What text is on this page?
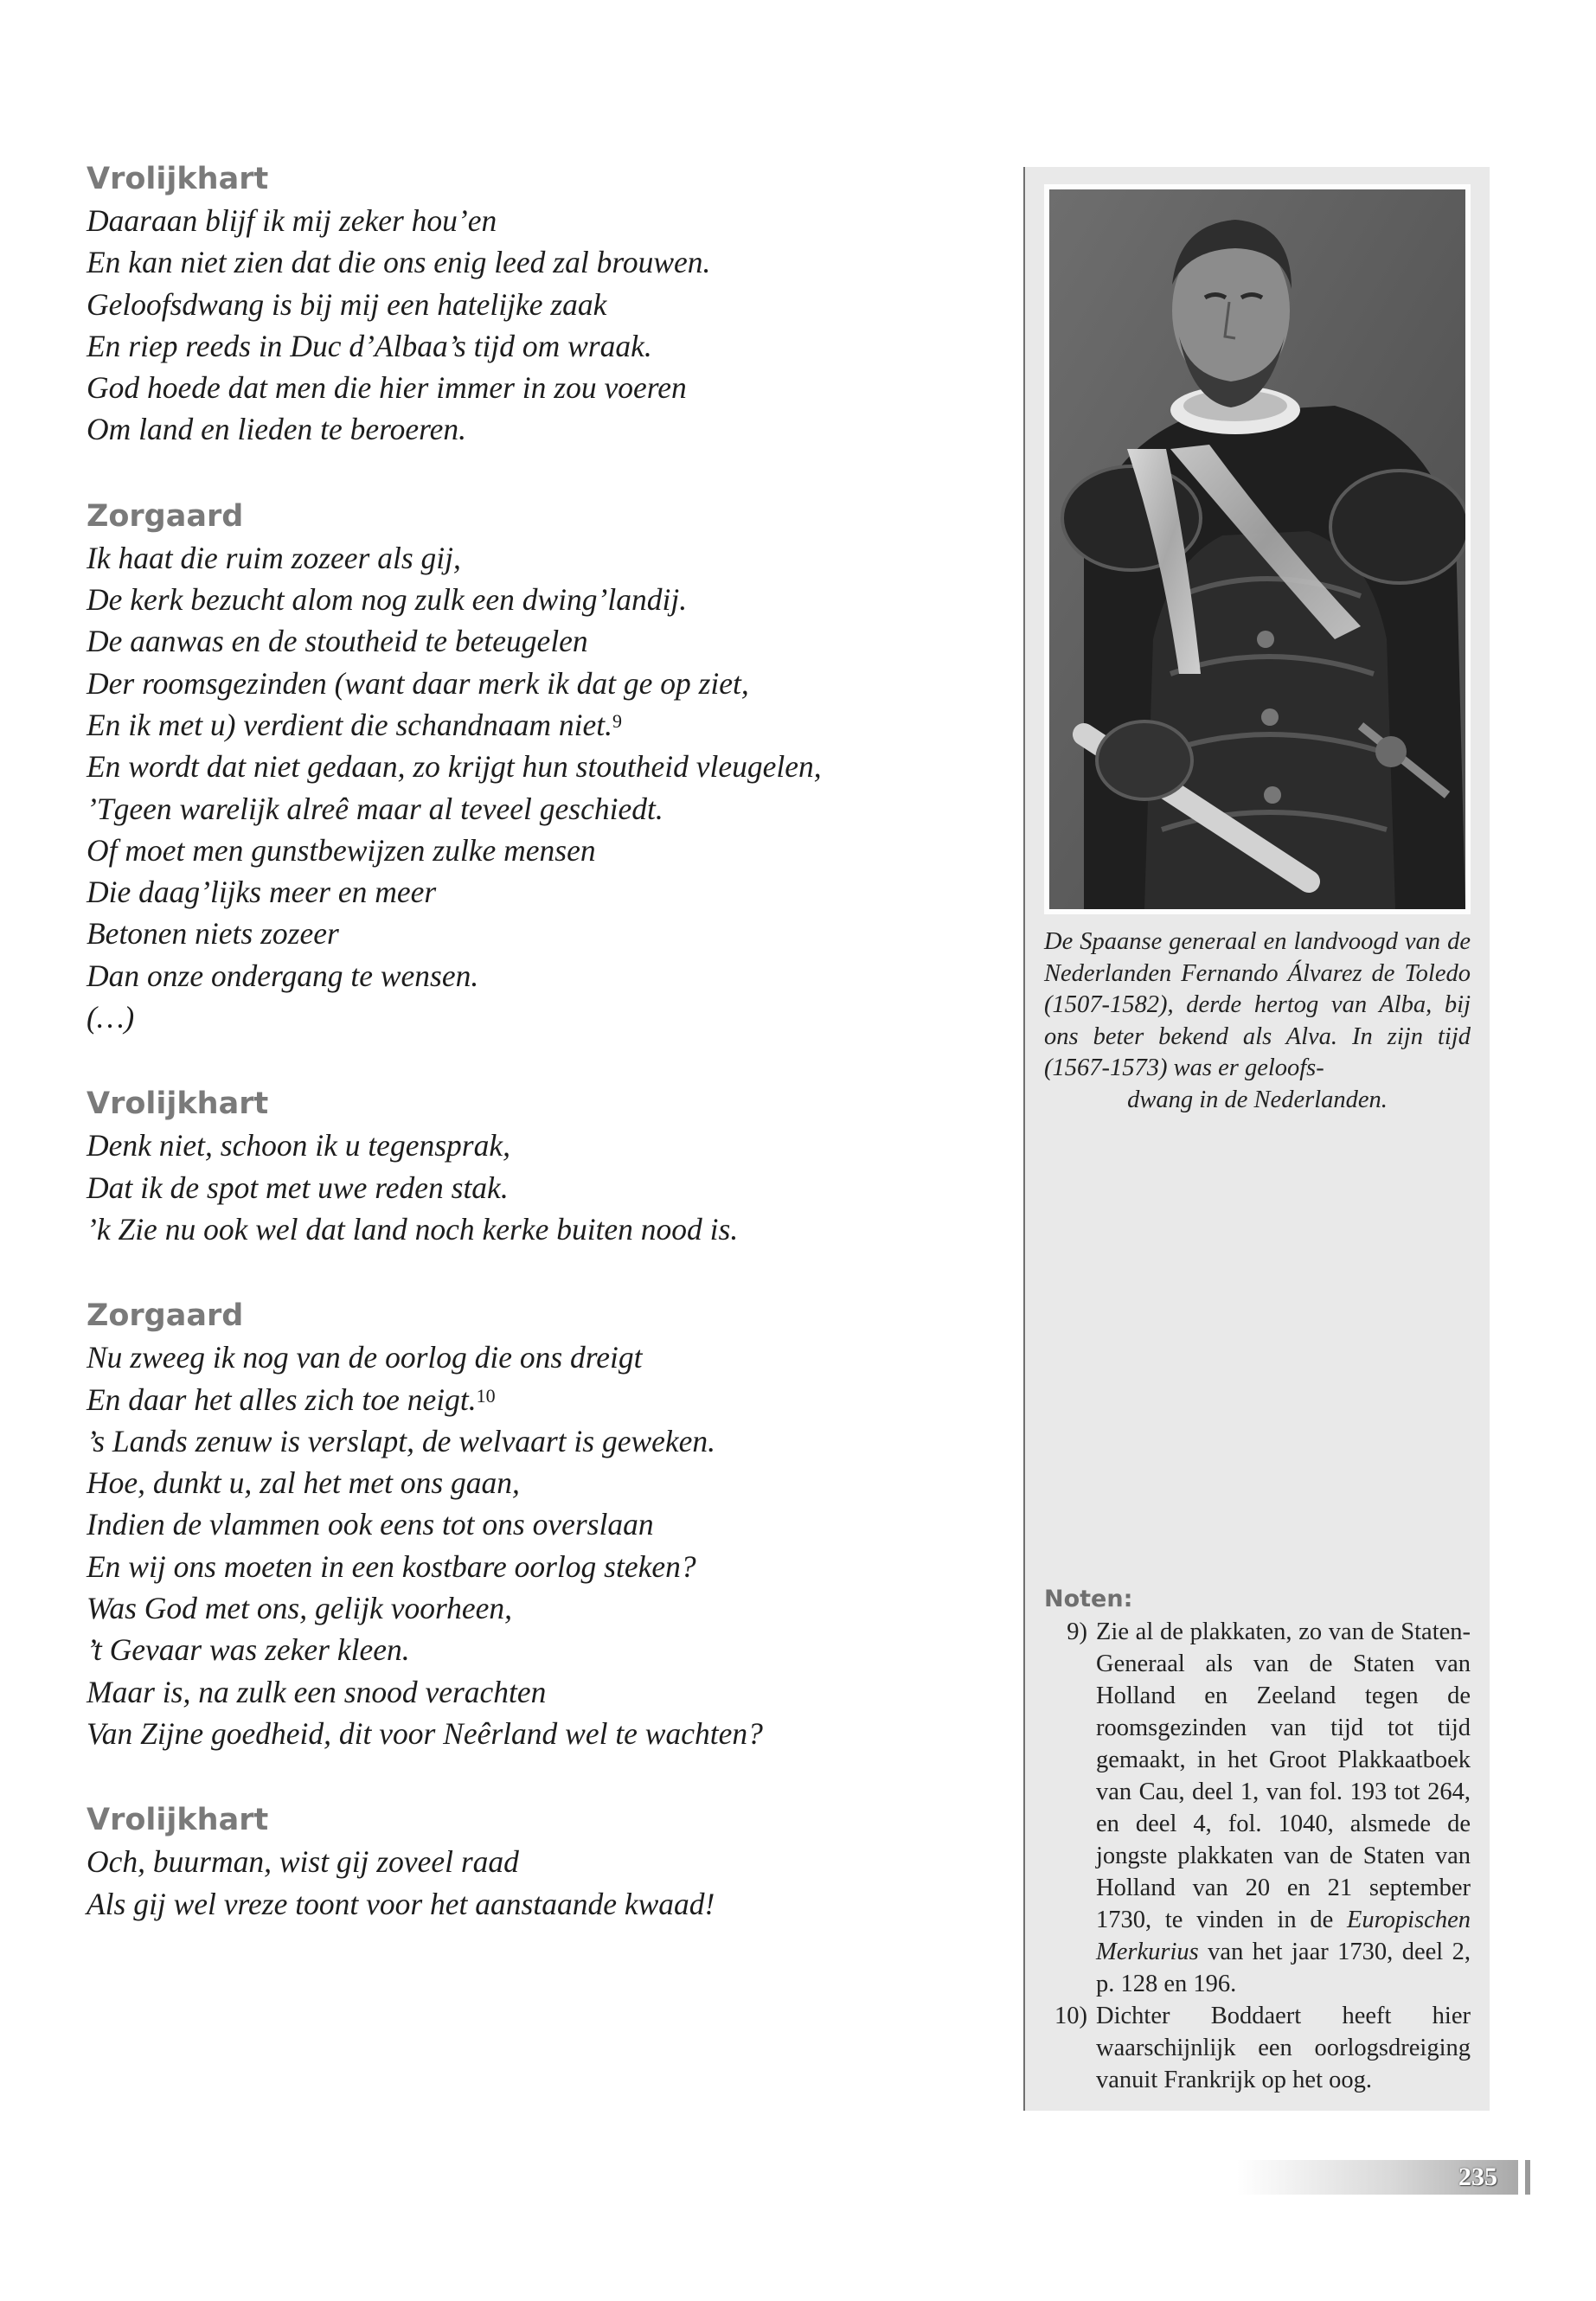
Vrolijkhart
Daaraan blijf ik mij zeker hou’en
En kan niet zien dat die ons enig leed zal brouwen.
Geloofsdwang is bij mij een hatelijke zaak
En riep reeds in Duc d’Albaa’s tijd om wraak.
God hoede dat men die hier immer in zou voeren
Om land en lieden te beroeren.
Zorgaard
Ik haat die ruim zozeer als gij,
De kerk bezucht alom nog zulk een dwing’landij.
De aanwas en de stoutheid te beteugelen
Der roomsgezinden (want daar merk ik dat ge op ziet,
En ik met u) verdient die schandnaam niet.$^9$
En wordt dat niet gedaan, zo krijgt hun stoutheid vleugelen,
’Tgeen warelijk alreê maar al teveel geschiedt.
Of moet men gunstbewijzen zulke mensen
Die daag’lijks meer en meer
Betonen niets zozeer
Dan onze ondergang te wensen.
(…)
Vrolijkhart
Denk niet, schoon ik u tegensprak,
Dat ik de spot met uwe reden stak.
’k Zie nu ook wel dat land noch kerke buiten nood is.
Zorgaard
Nu zweeg ik nog van de oorlog die ons dreigt
En daar het alles zich toe neigt.$^{10}$
’s Lands zenuw is verslapt, de welvaart is geweken.
Hoe, dunkt u, zal het met ons gaan,
Indien de vlammen ook eens tot ons overslaan
En wij ons moeten in een kostbare oorlog steken?
Was God met ons, gelijk voorheen,
’t Gevaar was zeker kleen.
Maar is, na zulk een snood verachten
Van Zijne goedheid, dit voor Neêrland wel te wachten?
Vrolijkhart
Och, buurman, wist gij zoveel raad
Als gij wel vreze toont voor het aanstaande kwaad!
De Spaanse generaal en landvoogd van de Nederlanden Fernando Álvarez de Toledo (1507-1582), derde hertog van Alba, bij ons beter bekend als Alva. In zijn tijd (1567-1573) was er geloofs-
dwang in de Nederlanden.
Noten:
9) Zie al de plakkaten, zo van de Staten-Generaal als van de Staten van Holland en Zeeland tegen de roomsgezinden van tijd tot tijd gemaakt, in het Groot Plakkaatboek van Cau, deel 1, van fol. 193 tot 264, en deel 4, fol. 1040, alsmede de jongste plakkaten van de Staten van Holland van 20 en 21 september 1730, te vinden in de Europischen Merkurius van het jaar 1730, deel 2, p. 128 en 196.
10) Dichter Boddaert heeft hier waarschijnlijk een oorlogsdreiging vanuit Frankrijk op het oog.
235
